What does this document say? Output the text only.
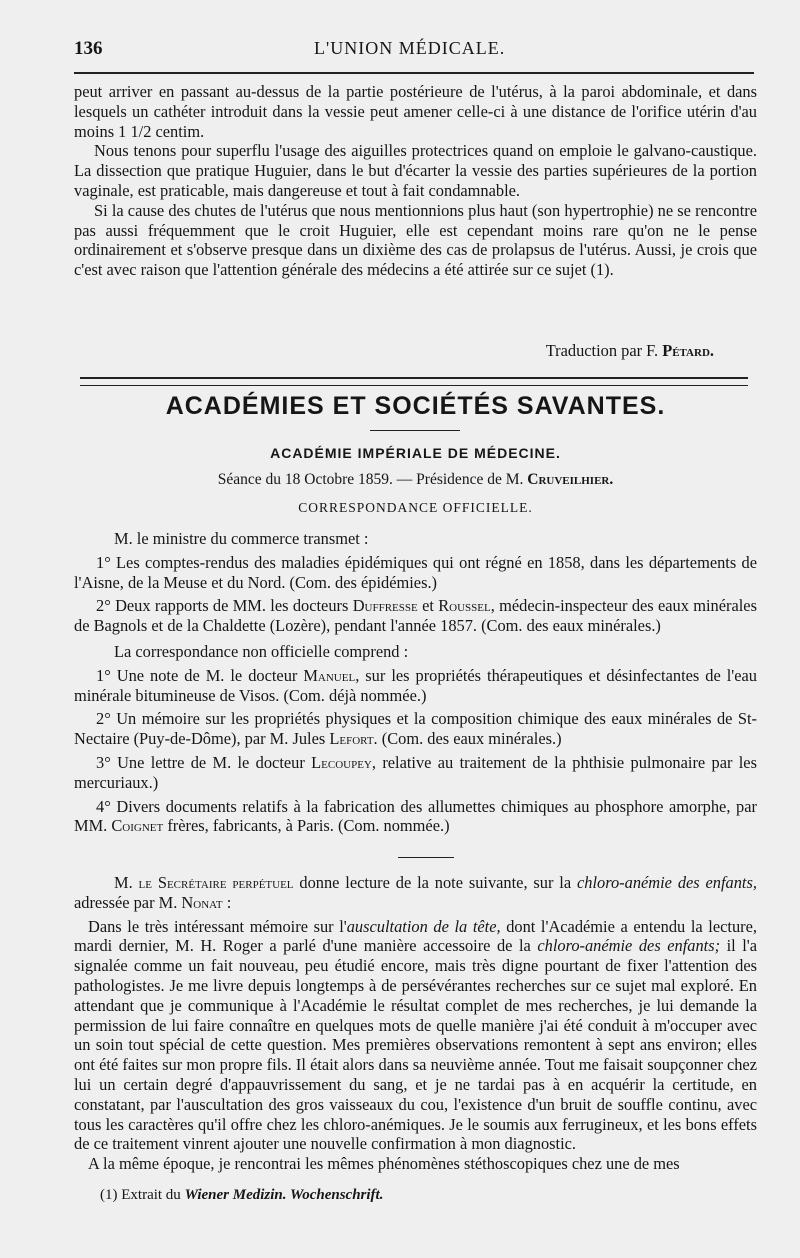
136	L'UNION MÉDICALE.

peut arriver en passant au-dessus de la partie postérieure de l'utérus, à la paroi abdominale, et dans lesquels un cathéter introduit dans la vessie peut amener celle-ci à une distance de l'orifice utérin d'au moins 1 1/2 centim.

Nous tenons pour superflu l'usage des aiguilles protectrices quand on emploie le galvano-caustique. La dissection que pratique Huguier, dans le but d'écarter la vessie des parties supérieures de la portion vaginale, est praticable, mais dangereuse et tout à fait condamnable.

Si la cause des chutes de l'utérus que nous mentionnions plus haut (son hypertrophie) ne se rencontre pas aussi fréquemment que le croit Huguier, elle est cependant moins rare qu'on ne le pense ordinairement et s'observe presque dans un dixième des cas de prolapsus de l'utérus. Aussi, je crois que c'est avec raison que l'attention générale des médecins a été attirée sur ce sujet (1).

Traduction par F. Pétard.
ACADÉMIES ET SOCIÉTÉS SAVANTES.
ACADÉMIE IMPÉRIALE DE MÉDECINE.
Séance du 18 Octobre 1859. — Présidence de M. Cruveilhier.
CORRESPONDANCE OFFICIELLE.

M. le ministre du commerce transmet :

1° Les comptes-rendus des maladies épidémiques qui ont régné en 1858, dans les départements de l'Aisne, de la Meuse et du Nord. (Com. des épidémies.)

2° Deux rapports de MM. les docteurs Duffresse et Roussel, médecin-inspecteur des eaux minérales de Bagnols et de la Chaldette (Lozère), pendant l'année 1857. (Com. des eaux minérales.)

La correspondance non officielle comprend :

1° Une note de M. le docteur Manuel, sur les propriétés thérapeutiques et désinfectantes de l'eau minérale bitumineuse de Visos. (Com. déjà nommée.)

2° Un mémoire sur les propriétés physiques et la composition chimique des eaux minérales de St-Nectaire (Puy-de-Dôme), par M. Jules Lefort. (Com. des eaux minérales.)

3° Une lettre de M. le docteur Lecoupey, relative au traitement de la phthisie pulmonaire par les mercuriaux.)

4° Divers documents relatifs à la fabrication des allumettes chimiques au phosphore amorphe, par MM. Coignet frères, fabricants, à Paris. (Com. nommée.)

M. le Secrétaire perpétuel donne lecture de la note suivante, sur la chloro-anémie des enfants, adressée par M. Nonat :

Dans le très intéressant mémoire sur l'auscultation de la tête, dont l'Académie a entendu la lecture, mardi dernier, M. H. Roger a parlé d'une manière accessoire de la chloro-anémie des enfants; il l'a signalée comme un fait nouveau, peu étudié encore, mais très digne pourtant de fixer l'attention des pathologistes. Je me livre depuis longtemps à de persévérantes recherches sur ce sujet mal exploré. En attendant que je communique à l'Académie le résultat complet de mes recherches, je lui demande la permission de lui faire connaître en quelques mots de quelle manière j'ai été conduit à m'occuper avec un soin tout spécial de cette question. Mes premières observations remontent à sept ans environ; elles ont été faites sur mon propre fils. Il était alors dans sa neuvième année. Tout me faisait soupçonner chez lui un certain degré d'appauvrissement du sang, et je ne tardai pas à en acquérir la certitude, en constatant, par l'auscultation des gros vaisseaux du cou, l'existence d'un bruit de souffle continu, avec tous les caractères qu'il offre chez les chloro-anémiques. Je le soumis aux ferrugineux, et les bons effets de ce traitement vinrent ajouter une nouvelle confirmation à mon diagnostic.

A la même époque, je rencontrai les mêmes phénomènes stéthoscopiques chez une de mes

(1) Extrait du Wiener Medizin. Wochenschrift.
